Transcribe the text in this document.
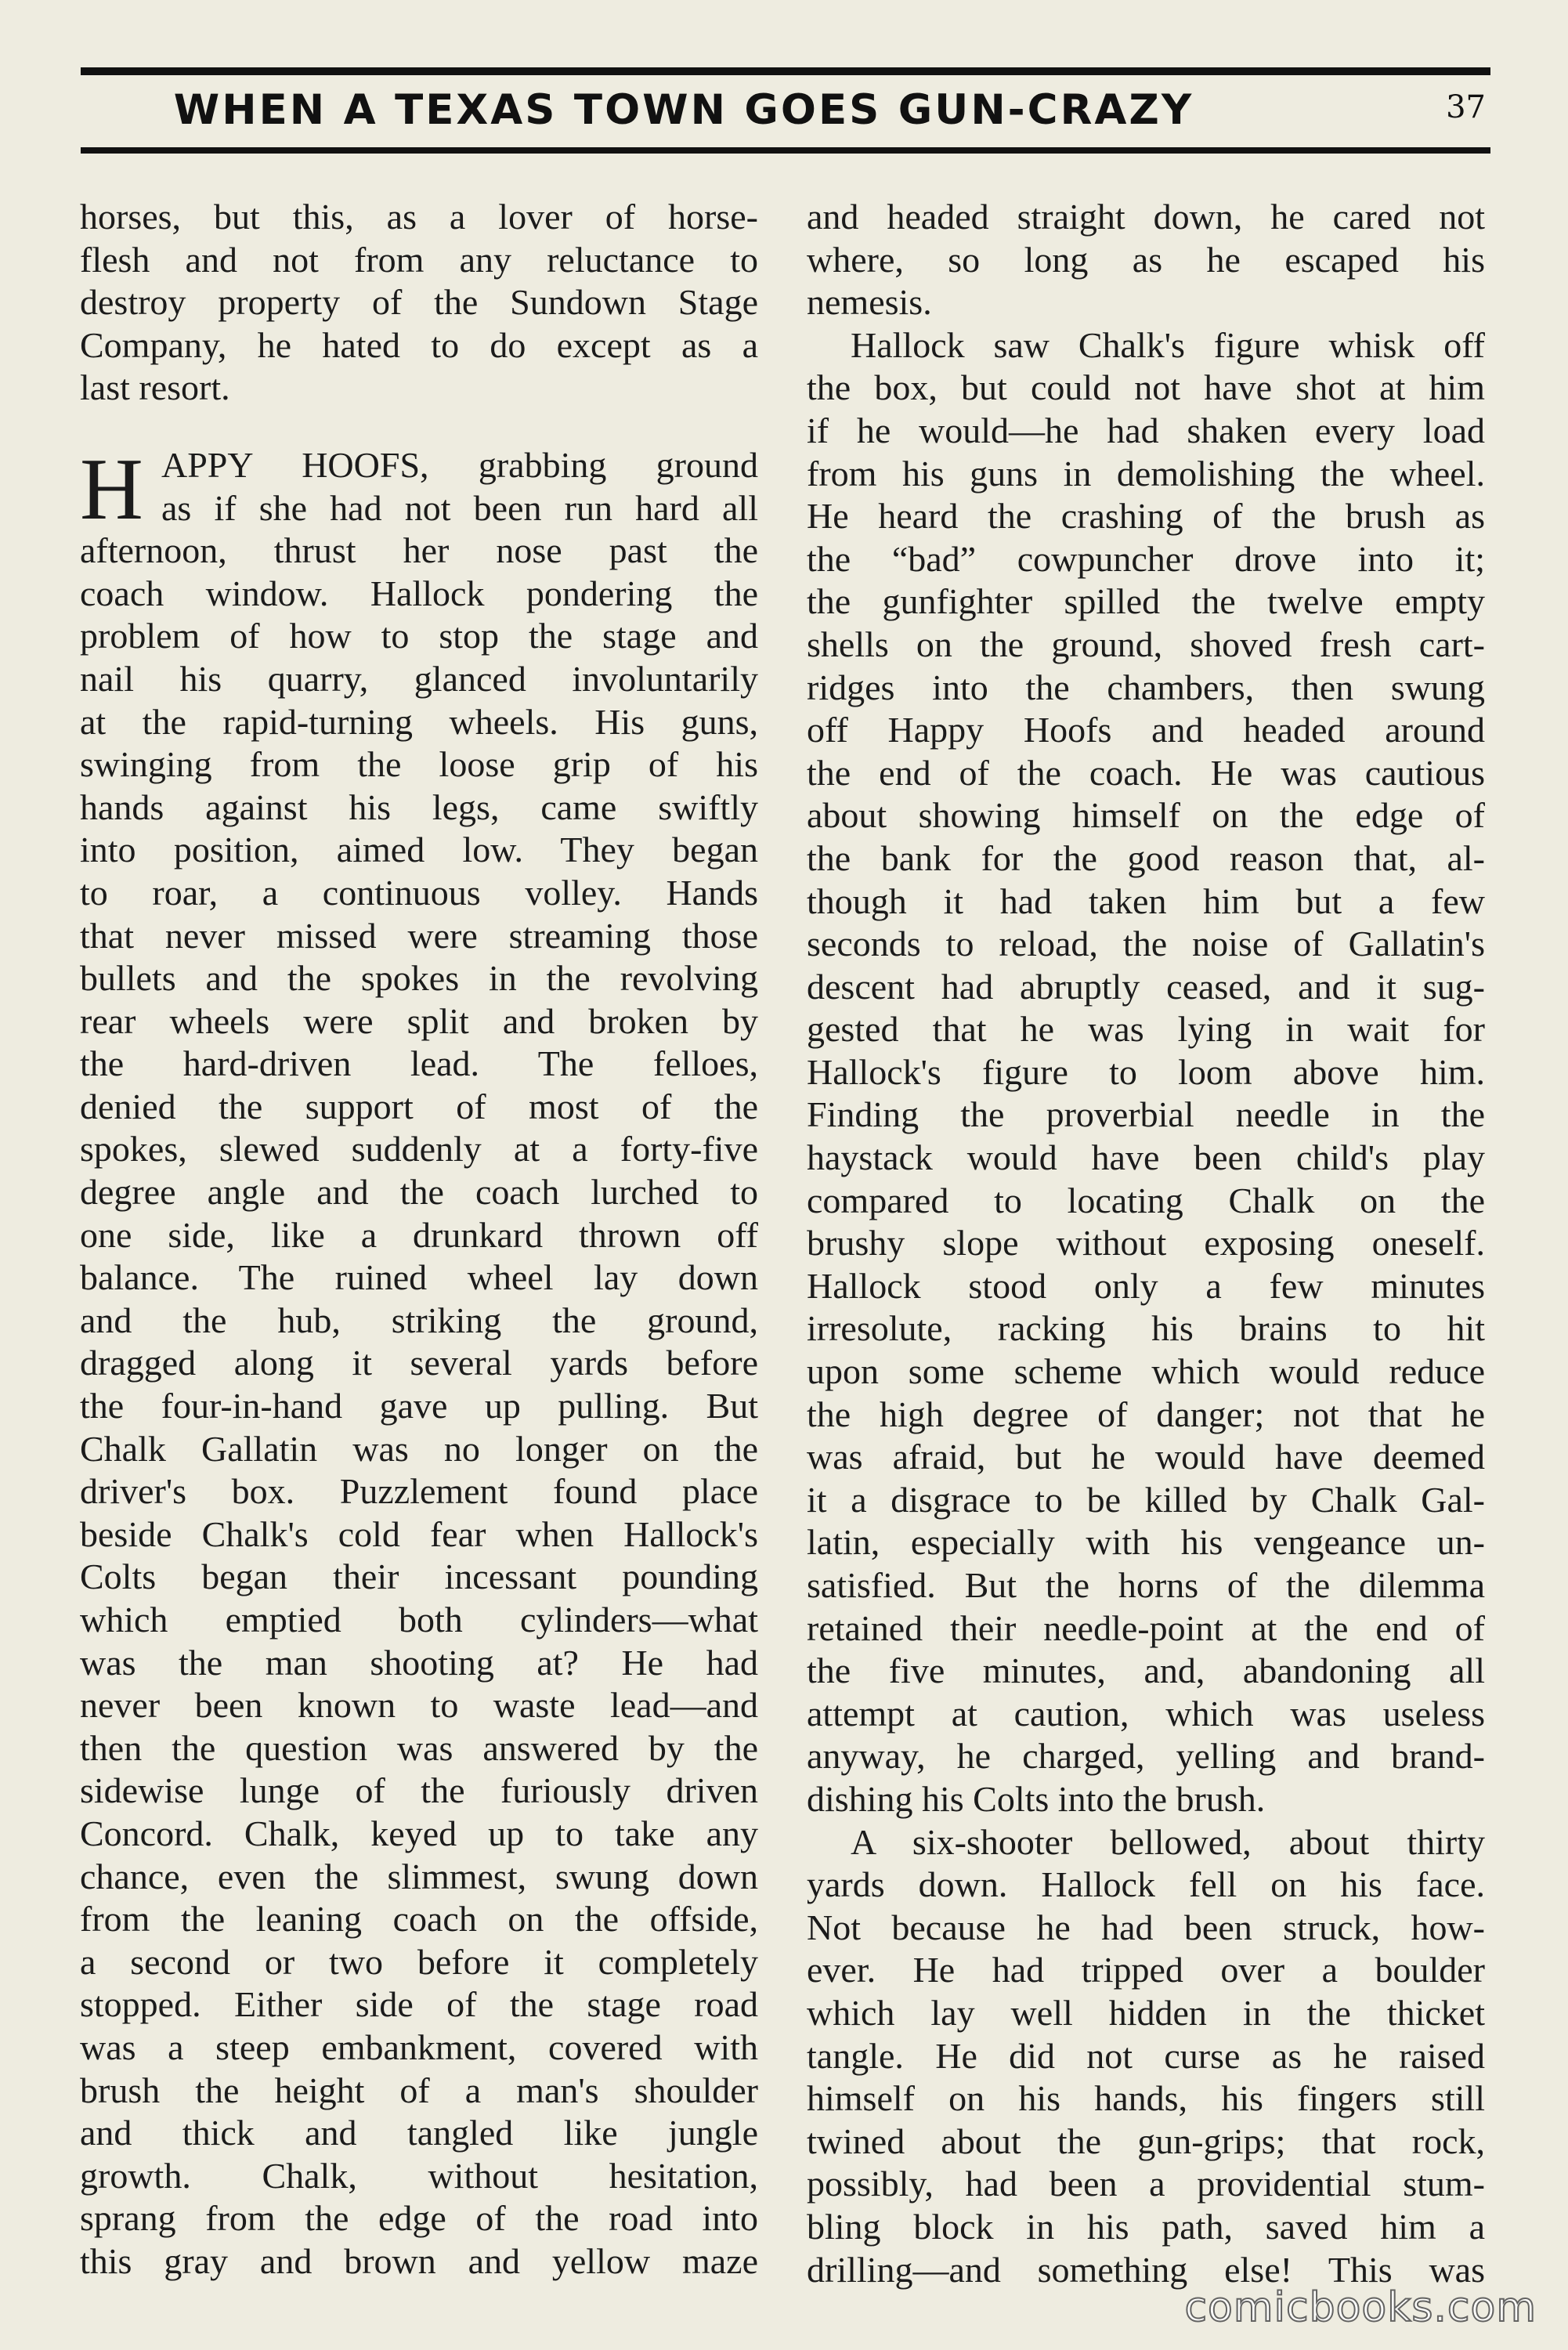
WHEN A TEXAS TOWN GOES GUN-CRAZY	37
horses, but this, as a lover of horse-
flesh and not from any reluctance to
destroy property of the Sundown Stage
Company, he hated to do except as a
last resort.
H APPY HOOFS, grabbing ground
as if she had not been run hard all
afternoon, thrust her nose past the
coach window. Hallock pondering the
problem of how to stop the stage and
nail his quarry, glanced involuntarily
at the rapid-turning wheels. His guns,
swinging from the loose grip of his
hands against his legs, came swiftly
into position, aimed low. They began
to roar, a continuous volley. Hands
that never missed were streaming those
bullets and the spokes in the revolving
rear wheels were split and broken by
the hard-driven lead. The felloes,
denied the support of most of the
spokes, slewed suddenly at a forty-five
degree angle and the coach lurched to
one side, like a drunkard thrown off
balance. The ruined wheel lay down
and the hub, striking the ground,
dragged along it several yards before
the four-in-hand gave up pulling. But
Chalk Gallatin was no longer on the
driver's box. Puzzlement found place
beside Chalk's cold fear when Hallock's
Colts began their incessant pounding
which emptied both cylinders—what
was the man shooting at? He had
never been known to waste lead—and
then the question was answered by the
sidewise lunge of the furiously driven
Concord. Chalk, keyed up to take any
chance, even the slimmest, swung down
from the leaning coach on the offside,
a second or two before it completely
stopped. Either side of the stage road
was a steep embankment, covered with
brush the height of a man's shoulder
and thick and tangled like jungle
growth. Chalk, without hesitation,
sprang from the edge of the road into
this gray and brown and yellow maze
and headed straight down, he cared not
where, so long as he escaped his
nemesis.
Hallock saw Chalk's figure whisk off
the box, but could not have shot at him
if he would—he had shaken every load
from his guns in demolishing the wheel.
He heard the crashing of the brush as
the “bad” cowpuncher drove into it;
the gunfighter spilled the twelve empty
shells on the ground, shoved fresh cart-
ridges into the chambers, then swung
off Happy Hoofs and headed around
the end of the coach. He was cautious
about showing himself on the edge of
the bank for the good reason that, al-
though it had taken him but a few
seconds to reload, the noise of Gallatin's
descent had abruptly ceased, and it sug-
gested that he was lying in wait for
Hallock's figure to loom above him.
Finding the proverbial needle in the
haystack would have been child's play
compared to locating Chalk on the
brushy slope without exposing oneself.
Hallock stood only a few minutes
irresolute, racking his brains to hit
upon some scheme which would reduce
the high degree of danger; not that he
was afraid, but he would have deemed
it a disgrace to be killed by Chalk Gal-
latin, especially with his vengeance un-
satisfied. But the horns of the dilemma
retained their needle-point at the end of
the five minutes, and, abandoning all
attempt at caution, which was useless
anyway, he charged, yelling and brand-
dishing his Colts into the brush.
A six-shooter bellowed, about thirty
yards down. Hallock fell on his face.
Not because he had been struck, how-
ever. He had tripped over a boulder
which lay well hidden in the thicket
tangle. He did not curse as he raised
himself on his hands, his fingers still
twined about the gun-grips; that rock,
possibly, had been a providential stum-
bling block in his path, saved him a
drilling—and something else! This was
comicbooks.com
